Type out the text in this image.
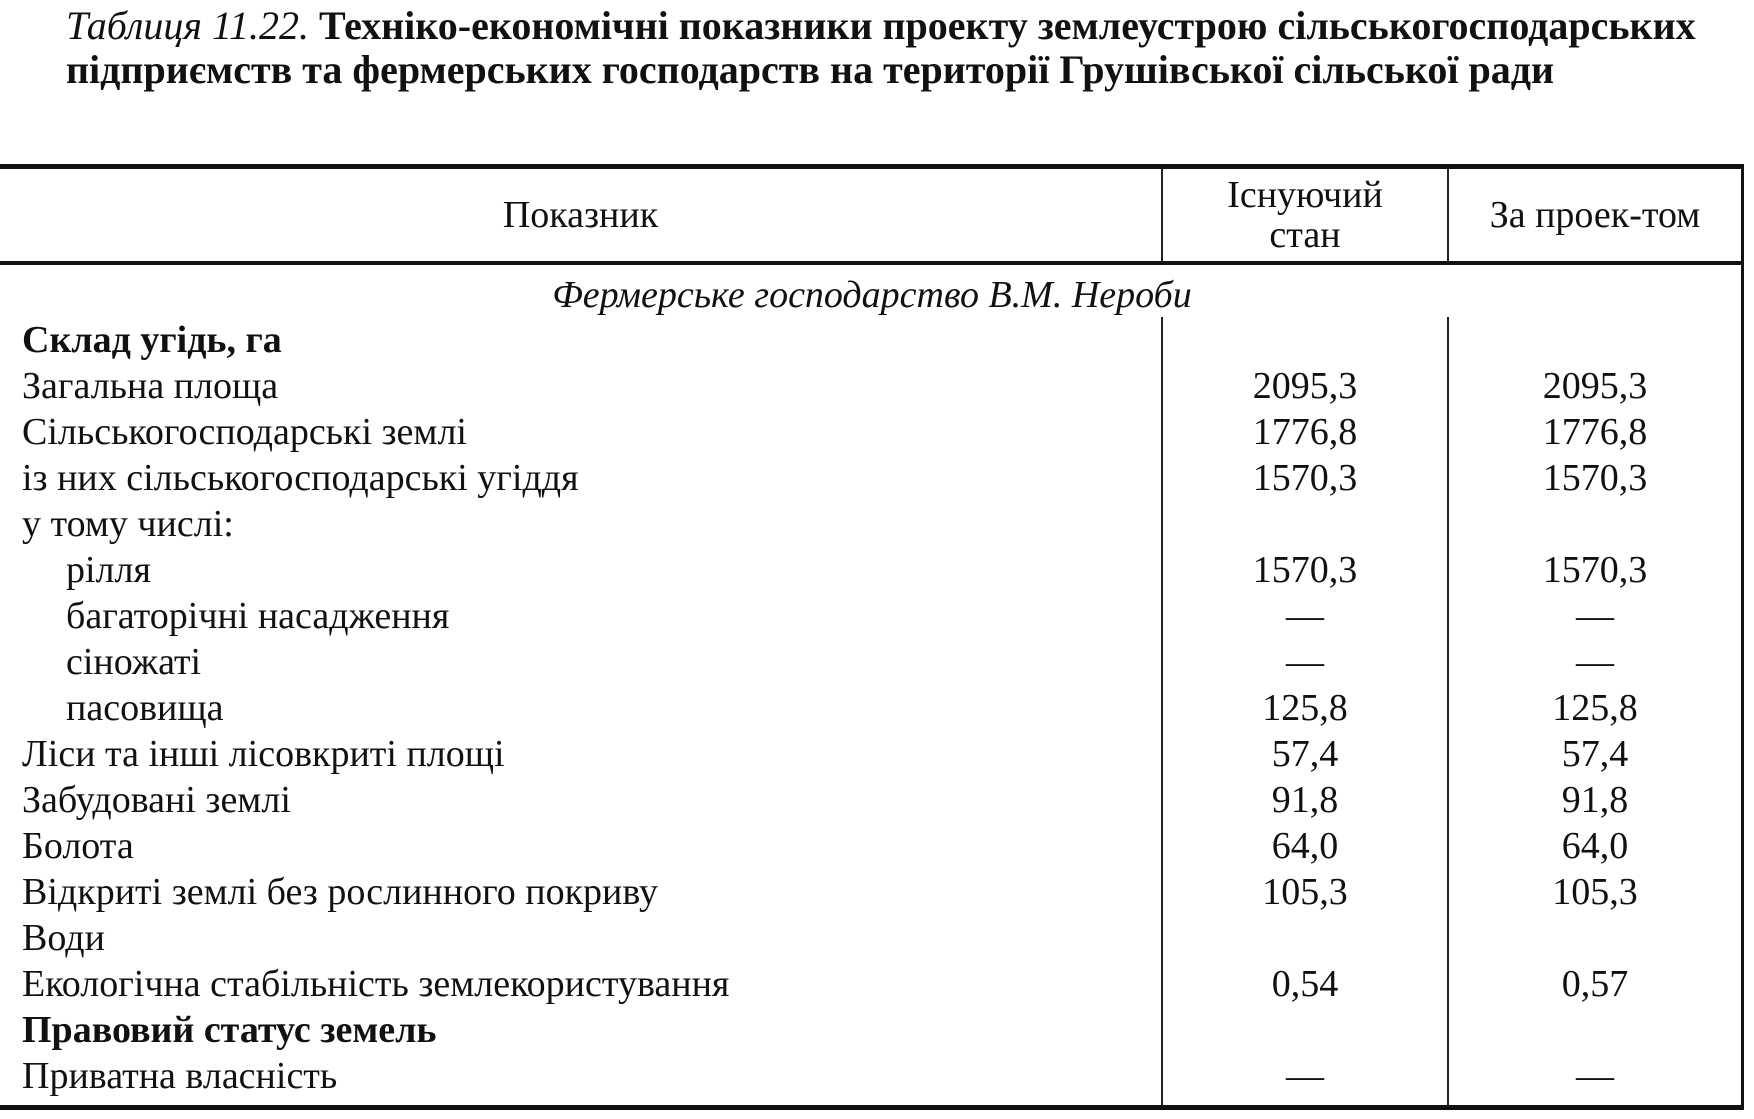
Таблиця 11.22. Техніко-економічні показники проекту землеустрою сільськогосподарських підприємств та фермерських господарств на території Грушівської сільської ради
Показник	Існуючий стан	За проек-том
Фермерське господарство В.М. Нероби
Склад угідь, га
Загальна площа	2095,3	2095,3
Сільськогосподарські землі	1776,8	1776,8
із них сільськогосподарські угіддя	1570,3	1570,3
у тому числі:
рілля	1570,3	1570,3
багаторічні насадження	—	—
сіножаті	—	—
пасовища	125,8	125,8
Ліси та інші лісовкриті площі	57,4	57,4
Забудовані землі	91,8	91,8
Болота	64,0	64,0
Відкриті землі без рослинного покриву	105,3	105,3
Води
Екологічна стабільність землекористування	0,54	0,57
Правовий статус земель
Приватна власність	—	—
